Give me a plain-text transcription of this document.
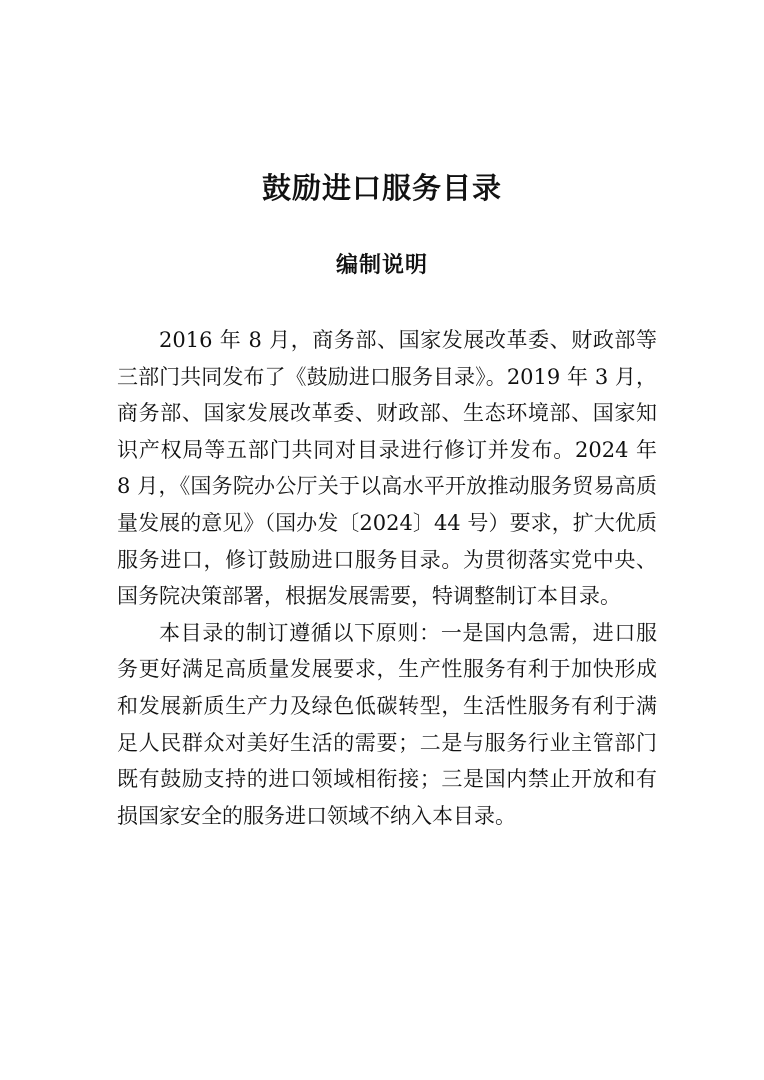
鼓励进口服务目录
编制说明

2016 年 8 月，商务部、国家发展改革委、财政部等三部门共同发布了《鼓励进口服务目录》。2019 年 3 月，商务部、国家发展改革委、财政部、生态环境部、国家知识产权局等五部门共同对目录进行修订并发布。2024 年 8 月，《国务院办公厅关于以高水平开放推动服务贸易高质量发展的意见》（国办发〔2024〕44 号）要求，扩大优质服务进口，修订鼓励进口服务目录。为贯彻落实党中央、国务院决策部署，根据发展需要，特调整制订本目录。

本目录的制订遵循以下原则：一是国内急需，进口服务更好满足高质量发展要求，生产性服务有利于加快形成和发展新质生产力及绿色低碳转型，生活性服务有利于满足人民群众对美好生活的需要；二是与服务行业主管部门既有鼓励支持的进口领域相衔接；三是国内禁止开放和有损国家安全的服务进口领域不纳入本目录。
